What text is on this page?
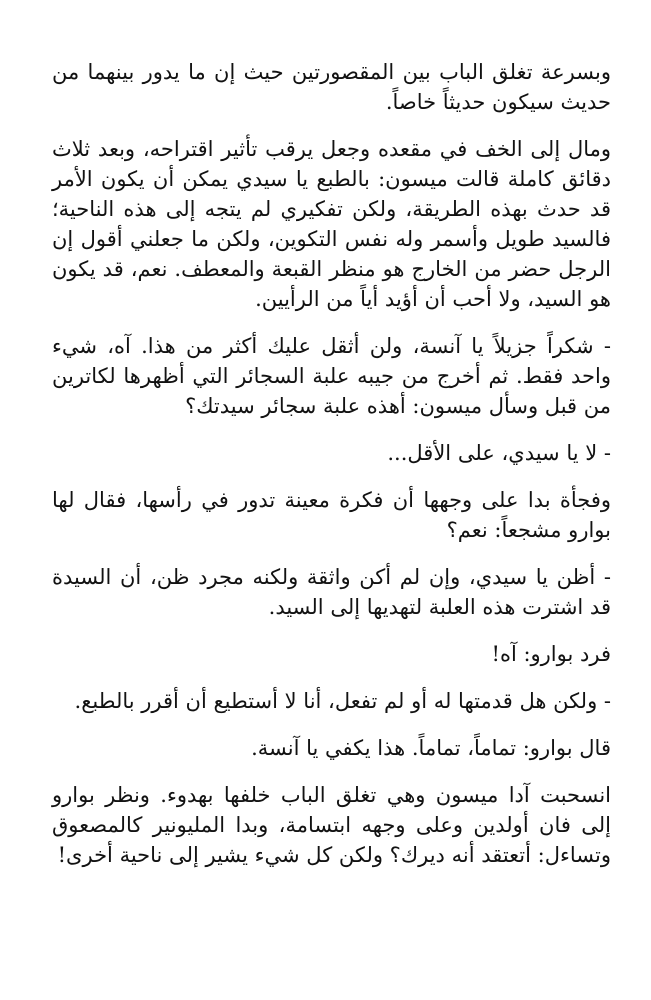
وبسرعة تغلق الباب بين المقصورتين حيث إن ما يدور بينهما من حديث سيكون حديثاً خاصاً.

ومال إلى الخف في مقعده وجعل يرقب تأثير اقتراحه، وبعد ثلاث دقائق كاملة قالت ميسون: بالطبع يا سيدي يمكن أن يكون الأمر قد حدث بهذه الطريقة، ولكن تفكيري لم يتجه إلى هذه الناحية؛ فالسيد طويل وأسمر وله نفس التكوين، ولكن ما جعلني أقول إن الرجل حضر من الخارج هو منظر القبعة والمعطف. نعم، قد يكون هو السيد، ولا أحب أن أؤيد أياً من الرأيين.

- شكراً جزيلاً يا آنسة، ولن أثقل عليك أكثر من هذا. آه، شيء واحد فقط. ثم أخرج من جيبه علبة السجائر التي أظهرها لكاترين من قبل وسأل ميسون: أهذه علبة سجائر سيدتك؟

- لا يا سيدي، على الأقل...

وفجأة بدا على وجهها أن فكرة معينة تدور في رأسها، فقال لها بوارو مشجعاً: نعم؟

- أظن يا سيدي، وإن لم أكن واثقة ولكنه مجرد ظن، أن السيدة قد اشترت هذه العلبة لتهديها إلى السيد.

فرد بوارو: آه!

- ولكن هل قدمتها له أو لم تفعل، أنا لا أستطيع أن أقرر بالطبع.

قال بوارو: تماماً، تماماً. هذا يكفي يا آنسة.

انسحبت آدا ميسون وهي تغلق الباب خلفها بهدوء. ونظر بوارو إلى فان أولدين وعلى وجهه ابتسامة، وبدا المليونير كالمصعوق وتساءل: أتعتقد أنه ديرك؟ ولكن كل شيء يشير إلى ناحية أخرى!
